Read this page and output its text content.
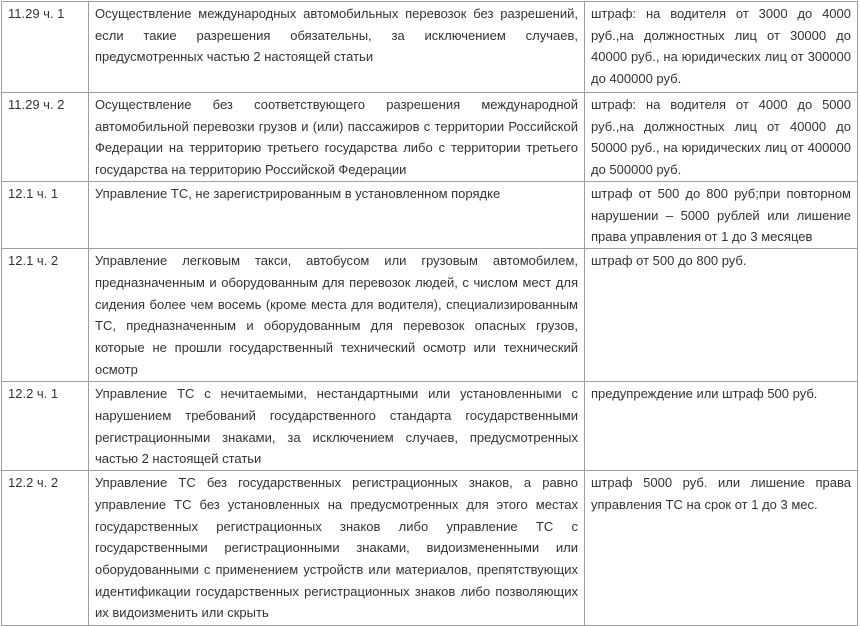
11.29 ч. 1	Осуществление международных автомобильных перевозок без разрешений, если такие разрешения обязательны, за исключением случаев, предусмотренных частью 2 настоящей статьи	штраф: на водителя от 3000 до 4000 руб.,на должностных лиц от 30000 до 40000 руб., на юридических лиц от 300000 до 400000 руб.
11.29 ч. 2	Осуществление без соответствующего разрешения международной автомобильной перевозки грузов и (или) пассажиров с территории Российской Федерации на территорию третьего государства либо с территории третьего государства на территорию Российской Федерации	штраф: на водителя от 4000 до 5000 руб.,на должностных лиц от 40000 до 50000 руб., на юридических лиц от 400000 до 500000 руб.
12.1 ч. 1	Управление ТС, не зарегистрированным в установленном порядке	штраф от 500 до 800 руб;при повторном нарушении – 5000 рублей или лишение права управления от 1 до 3 месяцев
12.1 ч. 2	Управление легковым такси, автобусом или грузовым автомобилем, предназначенным и оборудованным для перевозок людей, с числом мест для сидения более чем восемь (кроме места для водителя), специализированным ТС, предназначенным и оборудованным для перевозок опасных грузов, которые не прошли государственный технический осмотр или технический осмотр	штраф от 500 до 800 руб.
12.2 ч. 1	Управление ТС с нечитаемыми, нестандартными или установленными с нарушением требований государственного стандарта государственными регистрационными знаками, за исключением случаев, предусмотренных частью 2 настоящей статьи	предупреждение или штраф 500 руб.
12.2 ч. 2	Управление ТС без государственных регистрационных знаков, а равно управление ТС без установленных на предусмотренных для этого местах государственных регистрационных знаков либо управление ТС с государственными регистрационными знаками, видоизмененными или оборудованными с применением устройств или материалов, препятствующих идентификации государственных регистрационных знаков либо позволяющих их видоизменить или скрыть	штраф 5000 руб. или лишение права управления ТС на срок от 1 до 3 мес.
